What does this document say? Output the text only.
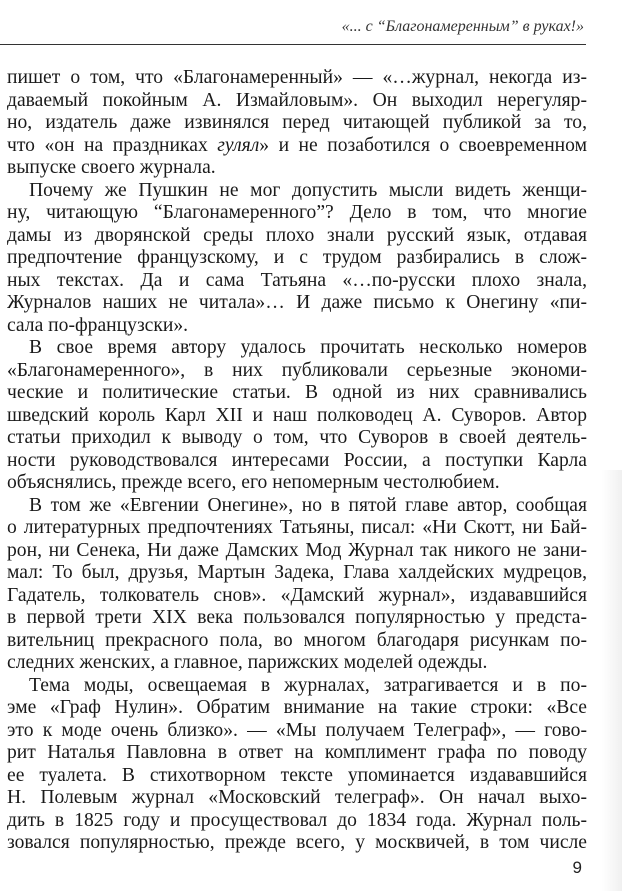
«... с “Благонамеренным” в руках!»
пишет о том, что «Благонамеренный» — «…журнал, некогда из-
даваемый покойным А. Измайловым». Он выходил нерегуляр-
но, издатель даже извинялся перед читающей публикой за то,
что «он на праздниках гулял» и не позаботился о своевременном
выпуске своего журнала.
Почему же Пушкин не мог допустить мысли видеть женщи-
ну, читающую “Благонамеренного”? Дело в том, что многие
дамы из дворянской среды плохо знали русский язык, отдавая
предпочтение французскому, и с трудом разбирались в слож-
ных текстах. Да и сама Татьяна «…по-русски плохо знала,
Журналов наших не читала»… И даже письмо к Онегину «пи-
сала по-французски».
В свое время автору удалось прочитать несколько номеров
«Благонамеренного», в них публиковали серьезные экономи-
ческие и политические статьи. В одной из них сравнивались
шведский король Карл XII и наш полководец А. Суворов. Автор
статьи приходил к выводу о том, что Суворов в своей деятель-
ности руководствовался интересами России, а поступки Карла
объяснялись, прежде всего, его непомерным честолюбием.
В том же «Евгении Онегине», но в пятой главе автор, сообщая
о литературных предпочтениях Татьяны, писал: «Ни Скотт, ни Бай-
рон, ни Сенека, Ни даже Дамских Мод Журнал так никого не зани-
мал: То был, друзья, Мартын Задека, Глава халдейских мудрецов,
Гадатель, толкователь снов». «Дамский журнал», издававшийся
в первой трети XIX века пользовался популярностью у предста-
вительниц прекрасного пола, во многом благодаря рисункам по-
следних женских, а главное, парижских моделей одежды.
Тема моды, освещаемая в журналах, затрагивается и в по-
эме «Граф Нулин». Обратим внимание на такие строки: «Все
это к моде очень близко». — «Мы получаем Телеграф», — гово-
рит Наталья Павловна в ответ на комплимент графа по поводу
ее туалета. В стихотворном тексте упоминается издававшийся
Н. Полевым журнал «Московский телеграф». Он начал выхо-
дить в 1825 году и просуществовал до 1834 года. Журнал поль-
зовался популярностью, прежде всего, у москвичей, в том числе
9
